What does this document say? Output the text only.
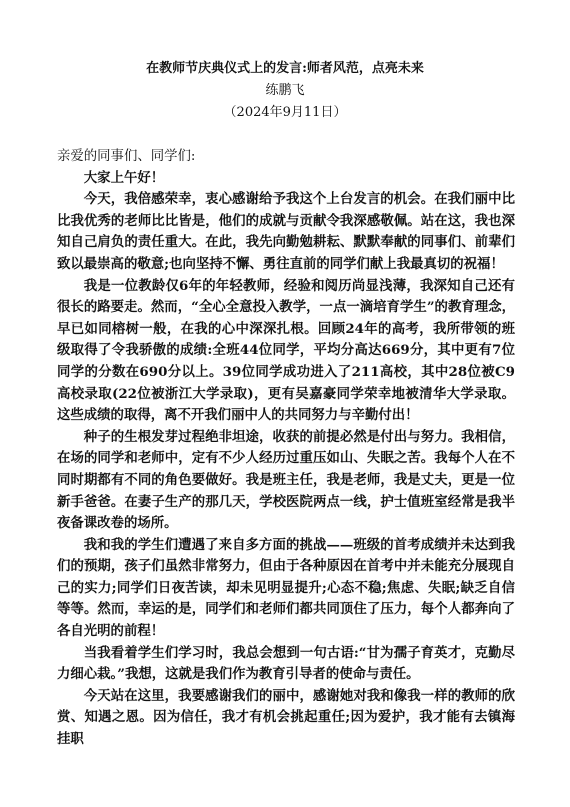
在教师节庆典仪式上的发言:师者风范，点亮未来
练鹏飞
（2024年9月11日）

亲爱的同事们、同学们:

大家上午好！

今天，我倍感荣幸，衷心感谢给予我这个上台发言的机会。在我们丽中比比我优秀的老师比比皆是，他们的成就与贡献令我深感敬佩。站在这，我也深知自己肩负的责任重大。在此，我先向勤勉耕耘、默默奉献的同事们、前辈们致以最崇高的敬意;也向坚持不懈、勇往直前的同学们献上我最真切的祝福！

我是一位教龄仅6年的年轻教师，经验和阅历尚显浅薄，我深知自己还有很长的路要走。然而，“全心全意投入教学，一点一滴培育学生”的教育理念，早已如同榕树一般，在我的心中深深扎根。回顾24年的高考，我所带领的班级取得了令我骄傲的成绩:全班44位同学，平均分高达669分，其中更有7位同学的分数在690分以上。39位同学成功进入了211高校，其中28位被C9高校录取(22位被浙江大学录取)，更有吴嘉豪同学荣幸地被清华大学录取。这些成绩的取得，离不开我们丽中人的共同努力与辛勤付出！

种子的生根发芽过程绝非坦途，收获的前提必然是付出与努力。我相信，在场的同学和老师中，定有不少人经历过重压如山、失眠之苦。我每个人在不同时期都有不同的角色要做好。我是班主任，我是老师，我是丈夫，更是一位新手爸爸。在妻子生产的那几天，学校医院两点一线，护士值班室经常是我半夜备课改卷的场所。

我和我的学生们遭遇了来自多方面的挑战——班级的首考成绩并未达到我们的预期，孩子们虽然非常努力，但由于各种原因在首考中并未能充分展现自己的实力;同学们日夜苦读，却未见明显提升;心态不稳;焦虑、失眠;缺乏自信等等。然而，幸运的是，同学们和老师们都共同顶住了压力，每个人都奔向了各自光明的前程！

当我看着学生们学习时，我总会想到一句古语:“甘为孺子育英才，克勤尽力细心栽。”我想，这就是我们作为教育引导者的使命与责任。

今天站在这里，我要感谢我们的丽中，感谢她对我和像我一样的教师的欣赏、知遇之恩。因为信任，我才有机会挑起重任;因为爱护，我才能有去镇海挂职
